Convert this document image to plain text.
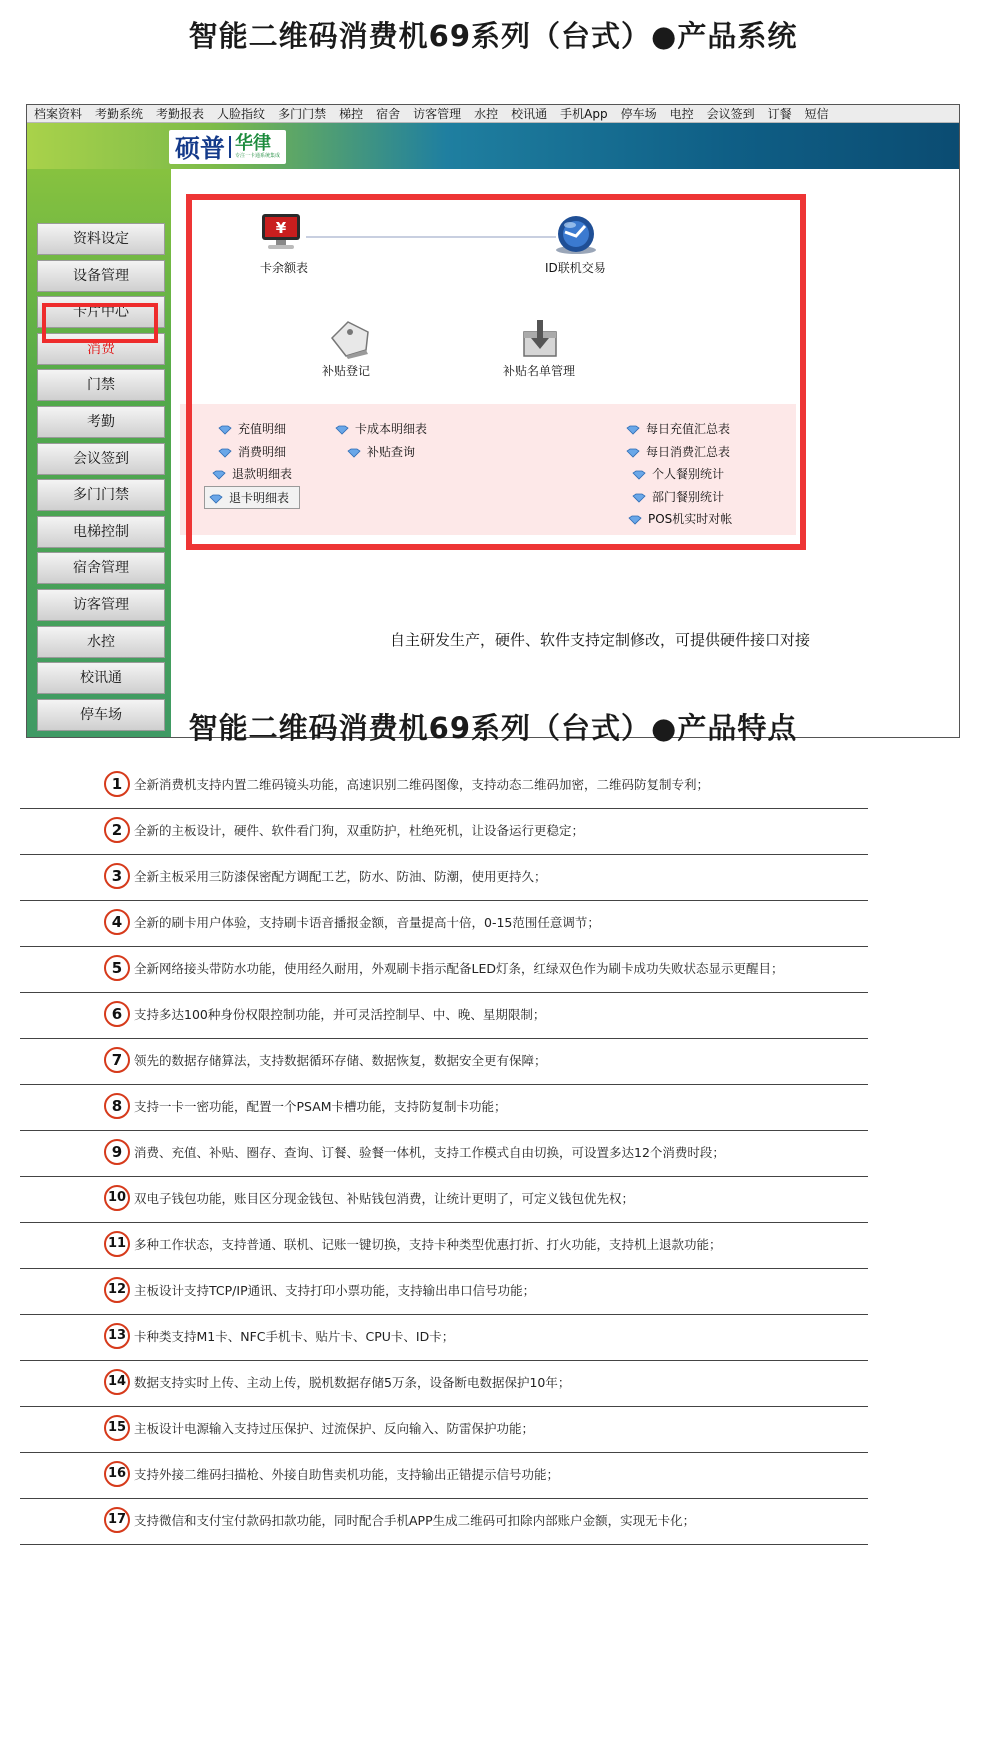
智能二维码消费机69系列（台式）●产品系统
档案资料	考勤系统	考勤报表	人脸指纹	多门门禁	梯控	宿舍	访客管理	水控	校讯通	手机App	停车场	电控	会议签到	订餐	短信
硕普 华律
专注一卡通系统集成
资料设定
设备管理
卡片中心
消费
门禁
考勤
会议签到
多门门禁
电梯控制
宿舍管理
访客管理
水控
校讯通
停车场
¥
卡余额表	ID联机交易
补贴登记	补贴名单管理
充值明细
消费明细
退款明细表
退卡明细表
卡成本明细表
补贴查询
每日充值汇总表
每日消费汇总表
个人餐别统计
部门餐别统计
POS机实时对帐
自主研发生产，硬件、软件支持定制修改，可提供硬件接口对接
智能二维码消费机69系列（台式）●产品特点
1 全新消费机支持内置二维码镜头功能，高速识别二维码图像，支持动态二维码加密，二维码防复制专利；
2 全新的主板设计，硬件、软件看门狗，双重防护，杜绝死机，让设备运行更稳定；
3 全新主板采用三防漆保密配方调配工艺，防水、防油、防潮，使用更持久；
4 全新的刷卡用户体验，支持刷卡语音播报金额，音量提高十倍，0-15范围任意调节；
5 全新网络接头带防水功能，使用经久耐用，外观刷卡指示配备LED灯条，红绿双色作为刷卡成功失败状态显示更醒目；
6 支持多达100种身份权限控制功能，并可灵活控制早、中、晚、星期限制；
7 领先的数据存储算法，支持数据循环存储、数据恢复，数据安全更有保障；
8 支持一卡一密功能，配置一个PSAM卡槽功能，支持防复制卡功能；
9 消费、充值、补贴、圈存、查询、订餐、验餐一体机，支持工作模式自由切换，可设置多达12个消费时段；
10 双电子钱包功能，账目区分现金钱包、补贴钱包消费，让统计更明了，可定义钱包优先权；
11 多种工作状态，支持普通、联机、记账一键切换，支持卡种类型优惠打折、打火功能，支持机上退款功能；
12 主板设计支持TCP/IP通讯、支持打印小票功能，支持输出串口信号功能；
13 卡种类支持M1卡、NFC手机卡、贴片卡、CPU卡、ID卡；
14 数据支持实时上传、主动上传，脱机数据存储5万条，设备断电数据保护10年；
15 主板设计电源输入支持过压保护、过流保护、反向输入、防雷保护功能；
16 支持外接二维码扫描枪、外接自助售卖机功能，支持输出正错提示信号功能；
17 支持微信和支付宝付款码扣款功能，同时配合手机APP生成二维码可扣除内部账户金额，实现无卡化；
